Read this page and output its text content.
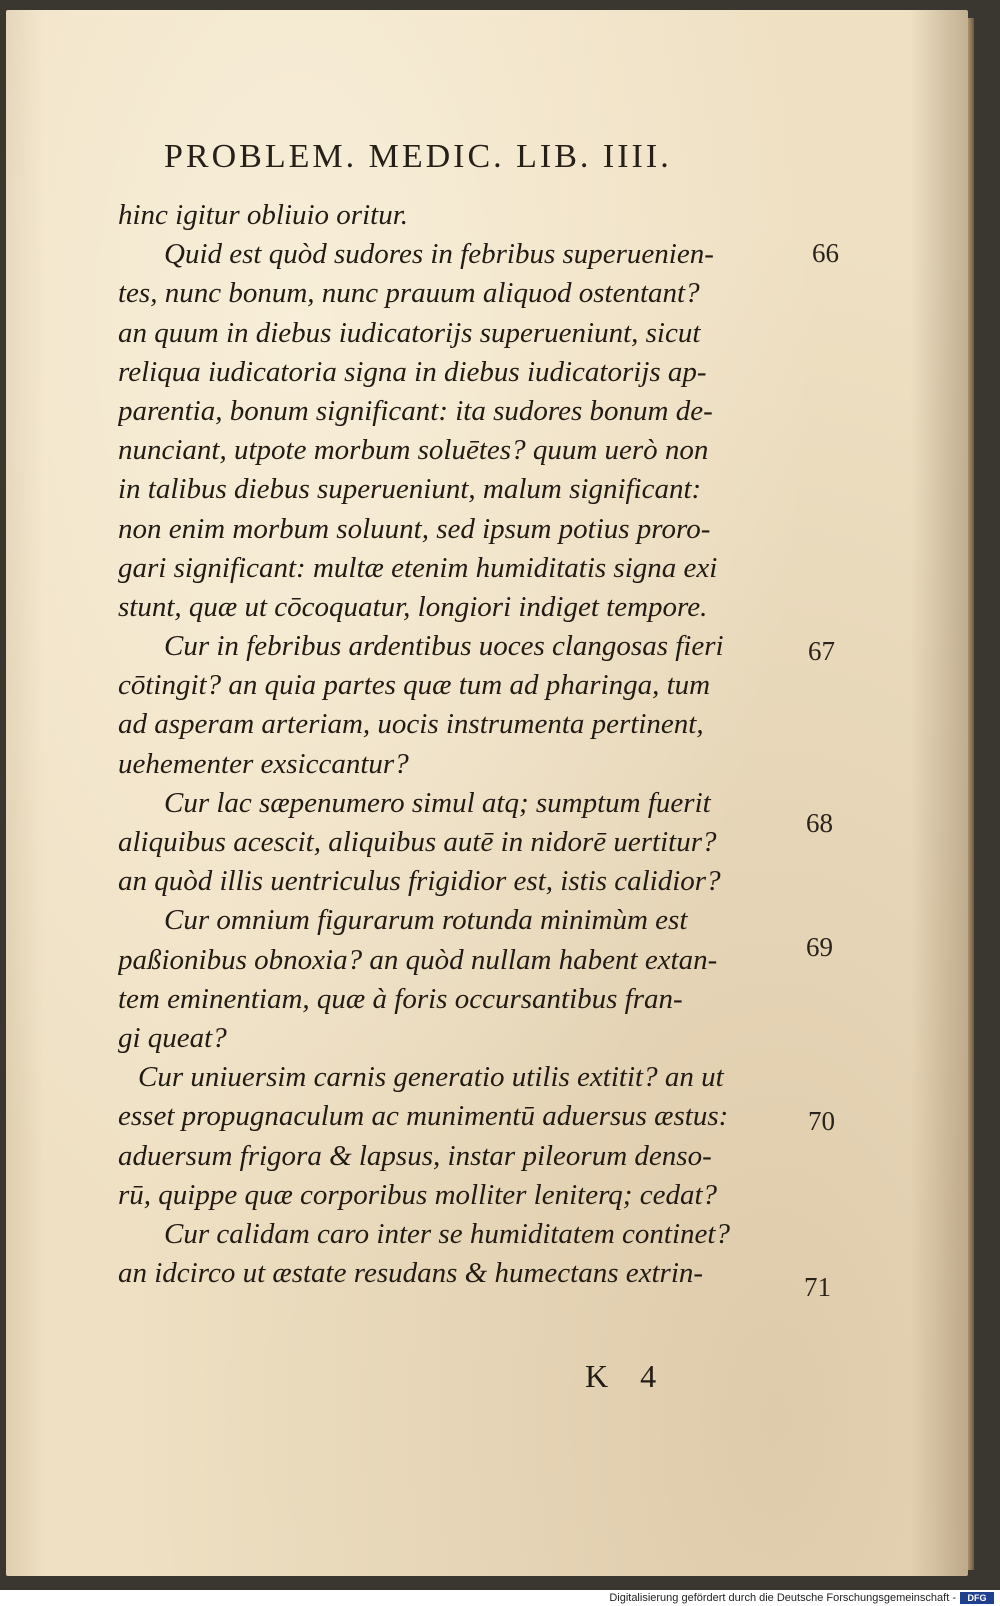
PROBLEM. MEDIC. LIB. IIII.
hinc igitur obliuio oritur.
Quid est quòd sudores in febribus superuenien-
tes, nunc bonum, nunc prauum aliquod ostentant?
an quum in diebus iudicatorijs superueniunt, sicut
reliqua iudicatoria signa in diebus iudicatorijs ap-
parentia, bonum significant: ita sudores bonum de-
nunciant, utpote morbum soluētes? quum uerò non
in talibus diebus superueniunt, malum significant:
non enim morbum soluunt, sed ipsum potius proro-
gari significant: multæ etenim humiditatis signa exi
stunt, quæ ut cōcoquatur, longiori indiget tempore.
Cur in febribus ardentibus uoces clangosas fieri
cōtingit? an quia partes quæ tum ad pharinga, tum
ad asperam arteriam, uocis instrumenta pertinent,
uehementer exsiccantur?
Cur lac sæpenumero simul atq; sumptum fuerit
aliquibus acescit, aliquibus autē in nidorē uertitur?
an quòd illis uentriculus frigidior est, istis calidior?
Cur omnium figurarum rotunda minimùm est
paßionibus obnoxia? an quòd nullam habent extan-
tem eminentiam, quæ à foris occursantibus fran-
gi queat?
Cur uniuersim carnis generatio utilis extitit? an ut
esset propugnaculum ac munimentū aduersus æstus:
aduersum frigora & lapsus, instar pileorum denso-
rū, quippe quæ corporibus molliter leniterq; cedat?
Cur calidam caro inter se humiditatem continet?
an idcirco ut æstate resudans & humectans extrin-
66
67
68
69
70
71
K 4
Digitalisierung gefördert durch die Deutsche Forschungsgemeinschaft -	DFG
